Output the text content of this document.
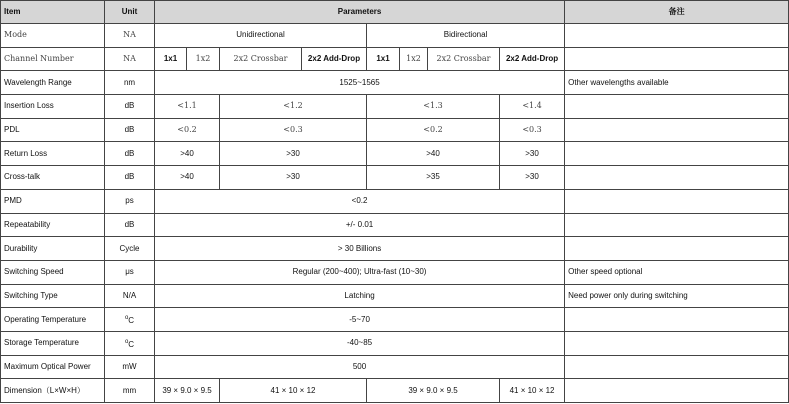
Item	Unit	Parameters								备注
Mode	NA	Unidirectional				Bidirectional				
Channel Number	NA	1x1	1x2	2x2 Crossbar	2x2 Add-Drop	1x1	1x2	2x2 Crossbar	2x2 Add-Drop	
Wavelength Range	nm	1525~1565								Other wavelengths available
Insertion Loss	dB	<1.1		<1.2		<1.3			<1.4	
PDL	dB	<0.2		<0.3		<0.2			<0.3	
Return Loss	dB	>40		>30		>40			>30	
Cross-talk	dB	>40		>30		>35			>30	
PMD	ps	<0.2								
Repeatability	dB	+/- 0.01								
Durability	Cycle	> 30 Billions								
Switching Speed	μs	Regular (200~400); Ultra-fast (10~30)								Other speed optional
Switching Type	N/A	Latching								Need power only during switching
Operating Temperature	$^o$C	-5~70								
Storage Temperature	$^o$C	-40~85								
Maximum Optical Power	mW	500								
Dimension（L×W×H）	mm	39 × 9.0 × 9.5		41 × 10 × 12		39 × 9.0 × 9.5			41 × 10 × 12	
